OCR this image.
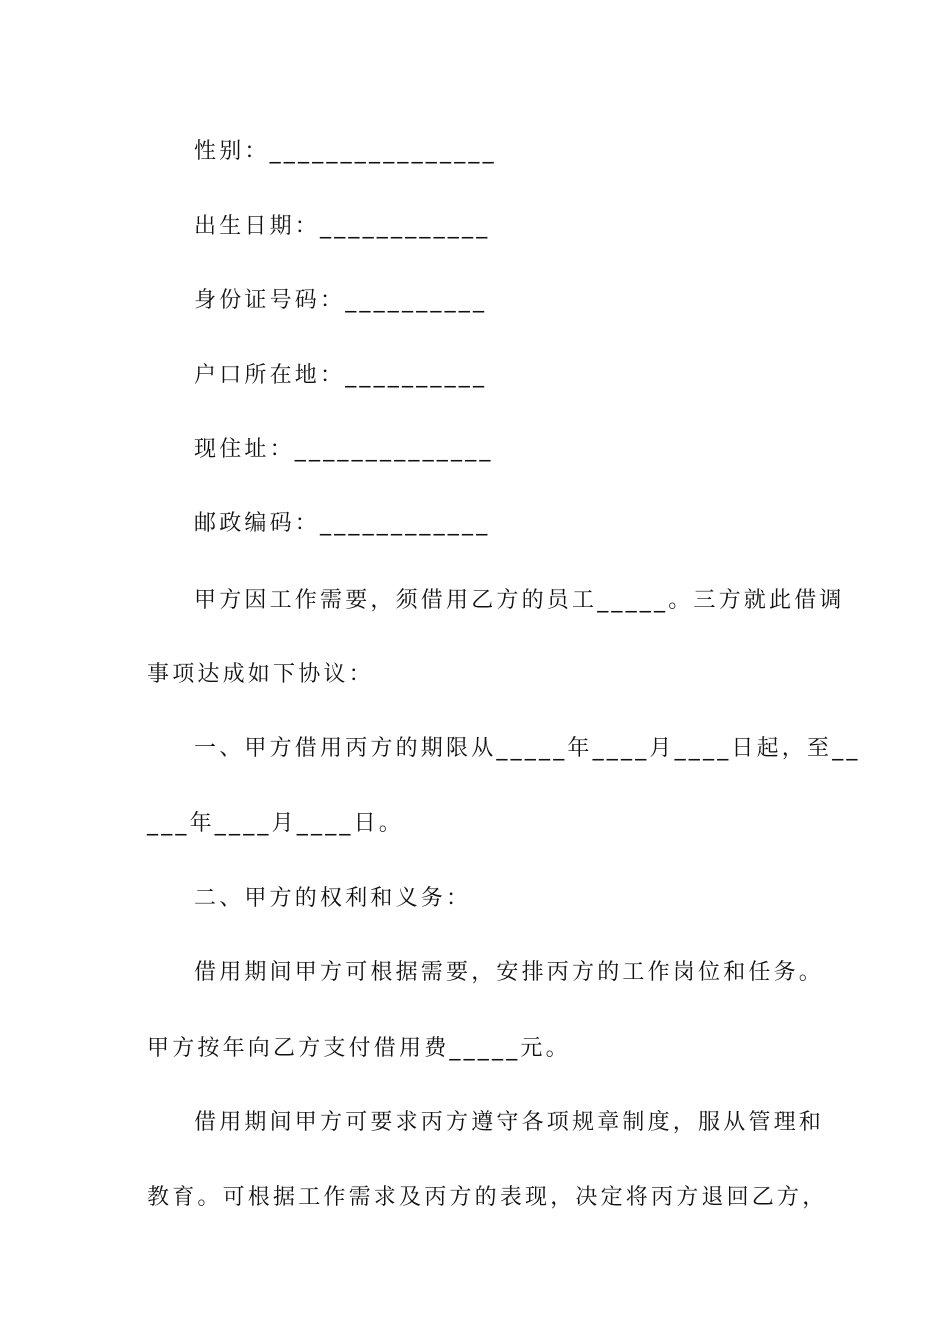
性别：________________
出生日期：____________
身份证号码：__________
户口所在地：__________
现住址：______________
邮政编码：____________
甲方因工作需要，须借用乙方的员工_____。三方就此借调
事项达成如下协议：
一、甲方借用丙方的期限从_____年____月____日起，至__
___年____月____日。
二、甲方的权利和义务：
借用期间甲方可根据需要，安排丙方的工作岗位和任务。
甲方按年向乙方支付借用费_____元。
借用期间甲方可要求丙方遵守各项规章制度，服从管理和
教育。可根据工作需求及丙方的表现，决定将丙方退回乙方，
